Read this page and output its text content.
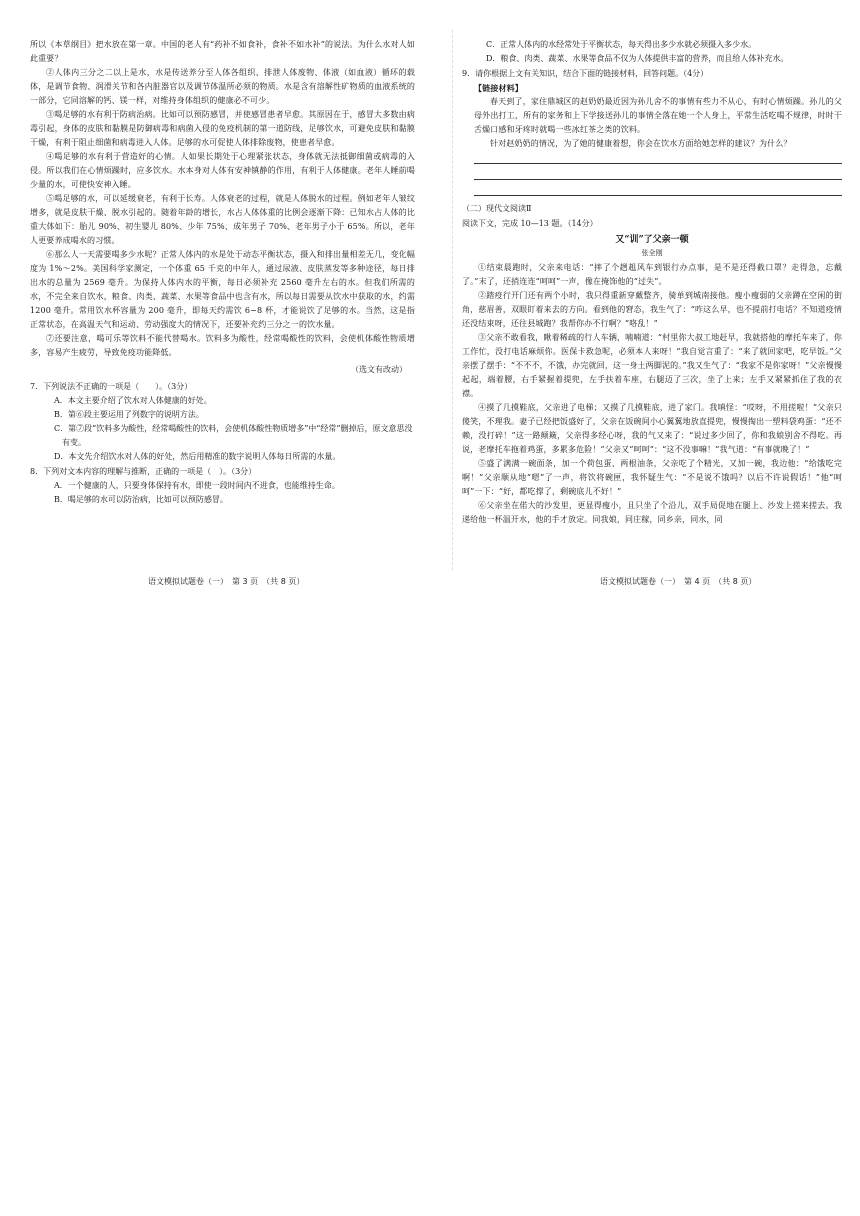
所以《本草纲目》把水放在第一章。中国的老人有“药补不如食补，食补不如水补”的说法。为什么水对人如此重要？

②人体内三分之二以上是水，水是传送养分至人体各组织、排泄人体废物、体液（如血液）循环的载体，是调节食物、润滑关节和各内脏器官以及调节体温所必须的物质。水是含有溶解性矿物质的血液系统的一部分，它同溶解的钙、镁一样，对维持身体组织的健康必不可少。

③喝足够的水有利于防病治病。比如可以预防感冒，并使感冒患者早愈。其原因在于，感冒大多数由病毒引起，身体的皮肤和黏膜是防御病毒和病菌入侵的免疫机制的第一道防线，足够饮水，可避免皮肤和黏膜干燥，有利于阻止细菌和病毒进入人体。足够的水可促使人体排除废物，使患者早愈。

④喝足够的水有利于营造好的心情。人如果长期处于心理紧张状态，身体就无法抵御细菌或病毒的入侵。所以我们在心情烦躁时，应多饮水。水本身对人体有安神镇静的作用，有利于人体健康。老年人睡前喝少量的水，可使快安神入睡。

⑤喝足够的水，可以延缓衰老，有利于长寿。人体衰老的过程，就是人体脱水的过程。例如老年人皱纹增多，就是皮肤干燥、脱水引起的。随着年龄的增长，水占人体体重的比例会逐渐下降：已知水占人体的比重大体如下：胎儿 90%、初生婴儿 80%、少年 75%、成年男子 70%、老年男子小于 65%。所以，老年人更要养成喝水的习惯。

⑥那么人一天需要喝多少水呢？正常人体内的水是处于动态平衡状态，摄入和排出量相差无几，变化幅度为 1%～2%。美国科学家测定，一个体重 65 千克的中年人，通过尿液、皮肤蒸发等多种途径，每日排出水的总量为 2569 毫升。为保持人体内水的平衡，每日必须补充 2560 毫升左右的水。但我们所需的水，不完全来自饮水，粮食、肉类、蔬菜、水果等食品中也含有水，所以每日需要从饮水中获取的水，约需 1200 毫升。常用饮水杯容量为 200 毫升，即每天约需饮 6~8 杯，才能说饮了足够的水。当然，这是指正常状态，在高温天气和运动、劳动强度大的情况下，还要补充约三分之一的饮水量。

⑦还要注意，喝可乐等饮料不能代替喝水。饮料多为酸性，经常喝酸性的饮料，会使机体酸性物质增多，容易产生疲劳，导致免疫功能降低。

（选文有改动）

7．下列说法不正确的一项是（　　）。（3分）

A．本文主要介绍了饮水对人体健康的好处。

B．第⑥段主要运用了列数字的说明方法。

C．第⑦段“饮料多为酸性，经常喝酸性的饮料，会使机体酸性物质增多”中“经常”删掉后，原文意思没有变。

D．本文先介绍饮水对人体的好处，然后用精准的数字说明人体每日所需的水量。

8．下列对文本内容的理解与推断，正确的一项是（　）。（3分）

A．一个健康的人，只要身体保持有水，即使一段时间内不进食，也能维持生命。

B．喝足够的水可以防治病，比如可以预防感冒。

语文模拟试题卷（一）　第 3 页　（共 8 页）

C．正常人体内的水经常处于平衡状态，每天得出多少水就必须摄入多少水。

D．粮食、肉类、蔬菜、水果等食品不仅为人体提供丰富的营养，而且给人体补充水。

9．请你根据上文有关知识，结合下面的链接材料，回答问题。（4分）

【链接材料】

春天到了，家住鼎城区的赵奶奶最近因为孙儿舍不的事情有些力不从心，有时心情烦躁。孙儿的父母外出打工，所有的家务和上下学接送孙儿的事情全落在她一个人身上，平常生活吃喝不规律，时时干舌燥口感和牙疼时就喝一些冰红茶之类的饮料。

针对赵奶奶的情况，为了她的健康着想，你会在饮水方面给她怎样的建议？为什么？

（二）现代文阅读Ⅱ

阅读下文，完成 10—13 题。（14分）

又“训”了父亲一顿

张全刚

①结束晨跑时，父亲来电话：“摔了个趔趄风车到银行办点事，是不是还得截口罩？走得急，忘戴了。”末了，还捎连连“呵呵”一声，像在掩饰他的“过失”。

②踏疫行开门还有两个小时，我只得重新穿戴整齐，骑单到城南接他。瘦小瘦弱的父亲蹲在空闲的街角，慈眉善，双眼盯着来去的方向。看到他的窘态，我生气了：“咋这么早，也不提前打电话？不知道疫情还没结束呀，还往县城跑？我帮你办不行啊？”咯乱！”

③父亲不敢看我，瞅着稀疏的行人车辆，喃喃道：“村里你大叔工地赶早，我就搭他的摩托车来了，你工作忙，没打电话麻烦你。医保卡救急呢，必须本人来呀！”我自觉言重了：“来了就回家吧，吃早饭。”父亲摆了摆手：“不不不，不饿，办完就回，这一身土两脚泥的。”我又生气了：“我家不是你家呀！”父亲慢慢起起，端着腰，右手紧握着提兜，左手扶着车座，右腿迈了三次，坐了上来；左手又紧紧抓住了我的衣襟。

④摸了几摸鞋底，父亲进了电梯；又摸了几摸鞋底，进了家门。我嗔怪：“哎呀，不用搓啦！”父亲只傻笑，不理我。妻子已经把饭盛好了，父亲在饭碗间小心翼翼地放直提兜，慢慢掏出一塑料袋鸡蛋：“还不赖，没打碎！”这一路颠簸，父亲得多经心呀，我的气又来了：“说过多少回了，你和我娘别舍不得吃。再说，老摩托车拖着鸡蛋，多累多危险！”父亲又“呵呵”：“这不没事嘛！”我气道：“有事就晚了！”

⑤盛了满满一碗面条，加一个荷包蛋、两根油条，父亲吃了个精光，又加一碗，我边他：“给饿吃完啊！”父亲顺从地“嗯”了一声，将饮将碗匣，我怀疑生气：“不是说不饿吗？以后不许说假话！”他“呵呵”一下：“好，都吃撑了，剩碗底儿不好！”

⑥父亲坐在偌大的沙发里，更显得瘦小，且只坐了个沿儿，双手局促地在腿上、沙发上搓来搓去。我递给他一杯温开水，他的手才放定。同我娘，同庄稼，同乡亲，同水，同

语文模拟试题卷（一）　第 4 页　（共 8 页）
